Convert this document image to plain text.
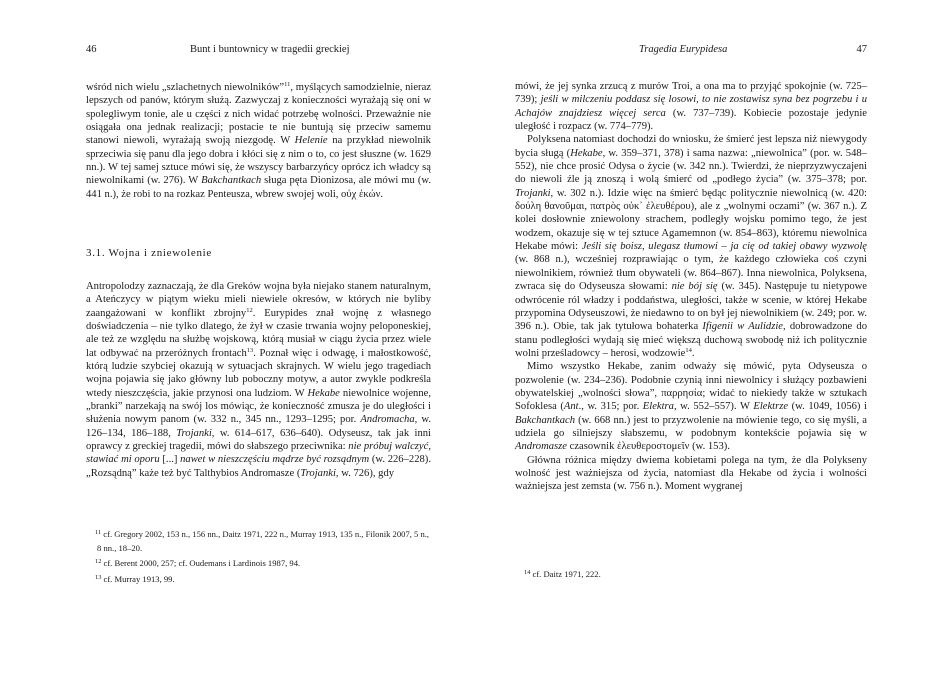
46	Bunt i buntownicy w tragedii greckiej

wśród nich wielu „szlachetnych niewolników”$^{11}$, myślących samodzielnie, nieraz lepszych od panów, którym służą. Zazwyczaj z konieczności wyrażają się oni w spolegliwym tonie, ale u części z nich widać potrzebę wolności. Przeważnie nie osiągała ona jednak realizacji; postacie te nie buntują się przeciw samemu stanowi niewoli, wyrażają swoją niezgodę. W Helenie na przykład niewolnik sprzeciwia się panu dla jego dobra i kłóci się z nim o to, co jest słuszne (w. 1629 nn.). W tej samej sztuce mówi się, że wszyscy barbarzyńcy oprócz ich władcy są niewolnikami (w. 276). W Bakchantkach sługa pęta Dionizosa, ale mówi mu (w. 441 n.), że robi to na rozkaz Penteusza, wbrew swojej woli, οὐχ ἑκών.

3.1. Wojna i zniewolenie

Antropolodzy zaznaczają, że dla Greków wojna była niejako stanem naturalnym, a Ateńczycy w piątym wieku mieli niewiele okresów, w których nie byliby zaangażowani w konflikt zbrojny$^{12}$. Eurypides znał wojnę z własnego doświadczenia – nie tylko dlatego, że żył w czasie trwania wojny peloponeskiej, ale też ze względu na służbę wojskową, którą musiał w ciągu życia przez wiele lat odbywać na przeróżnych frontach$^{13}$. Poznał więc i odwagę, i małostkowość, którą ludzie szybciej okazują w sytuacjach skrajnych. W wielu jego tragediach wojna pojawia się jako główny lub poboczny motyw, a autor zwykle podkreśla wtedy nieszczęścia, jakie przynosi ona ludziom. W Hekabe niewolnice wojenne, „branki” narzekają na swój los mówiąc, że konieczność zmusza je do uległości i służenia nowym panom (w. 332 n., 345 nn., 1293–1295; por. Andromacha, w. 126–134, 186–188, Trojanki, w. 614–617, 636–640). Odyseusz, tak jak inni oprawcy z greckiej tragedii, mówi do słabszego przeciwnika: nie próbuj walczyć, stawiać mi oporu [...] nawet w nieszczęściu mądrze być rozsądnym (w. 226–228). „Rozsądną” każe też być Talthybios Andromasze (Trojanki, w. 726), gdy

$^{11}$ cf. Gregory 2002, 153 n., 156 nn., Daitz 1971, 222 n., Murray 1913, 135 n., Filonik 2007, 5 n., 8 nn., 18–20.
$^{12}$ cf. Berent 2000, 257; cf. Oudemans i Lardinois 1987, 94.
$^{13}$ cf. Murray 1913, 99.
Tragedia Eurypidesa	47

mówi, że jej synka zrzucą z murów Troi, a ona ma to przyjąć spokojnie (w. 725–739); jeśli w milczeniu poddasz się losowi, to nie zostawisz syna bez pogrzebu i u Achajów znajdziesz więcej serca (w. 737–739). Kobiecie pozostaje jedynie uległość i rozpacz (w. 774–779).

Polyksena natomiast dochodzi do wniosku, że śmierć jest lepsza niż niewygody bycia sługą (Hekabe, w. 359–371, 378) i sama nazwa: „niewolnica” (por. w. 548–552), nie chce prosić Odysa o życie (w. 342 nn.). Twierdzi, że nieprzyzwyczajeni do niewoli źle ją znoszą i wolą śmierć od „podłego życia” (w. 375–378; por. Trojanki, w. 302 n.). Idzie więc na śmierć będąc politycznie niewolnicą (w. 420: δούλη θανοῦμαι, πατρὸς οὐκ᾽ ἐλευθέρου), ale z „wolnymi oczami” (w. 367 n.). Z kolei dosłownie zniewolony strachem, podległy wojsku pomimo tego, że jest wodzem, okazuje się w tej sztuce Agamemnon (w. 854–863), któremu niewolnica Hekabe mówi: Jeśli się boisz, ulegasz tłumowi – ja cię od takiej obawy wyzwolę (w. 868 n.), wcześniej rozprawiając o tym, że każdego człowieka coś czyni niewolnikiem, również tłum obywateli (w. 864–867). Inna niewolnica, Polyksena, zwraca się do Odyseusza słowami: nie bój się (w. 345). Następuje tu nietypowe odwrócenie ról władzy i poddaństwa, uległości, także w scenie, w której Hekabe przypomina Odyseuszowi, że niedawno to on był jej niewolnikiem (w. 249; por. w. 396 n.). Obie, tak jak tytułowa bohaterka Ifigenii w Aulidzie, dobrowadzone do stanu podległości wydają się mieć większą duchową swobodę niż ich politycznie wolni prześladowcy – herosi, wodzowie$^{14}$.

Mimo wszystko Hekabe, zanim odważy się mówić, pyta Odyseusza o pozwolenie (w. 234–236). Podobnie czynią inni niewolnicy i służący pozbawieni obywatelskiej „wolności słowa”, παρρησία; widać to niekiedy także w sztukach Sofoklesa (Ant., w. 315; por. Elektra, w. 552–557). W Elektrze (w. 1049, 1056) i Bakchantkach (w. 668 nn.) jest to przyzwolenie na mówienie tego, co się myśli, a udziela go silniejszy słabszemu, w podobnym kontekście pojawia się w Andromasze czasownik ἐλευθεροστομεῖν (w. 153).

Główna różnica między dwiema kobietami polega na tym, że dla Polykseny wolność jest ważniejsza od życia, natomiast dla Hekabe od życia i wolności ważniejsza jest zemsta (w. 756 n.). Moment wygranej

$^{14}$ cf. Daitz 1971, 222.
